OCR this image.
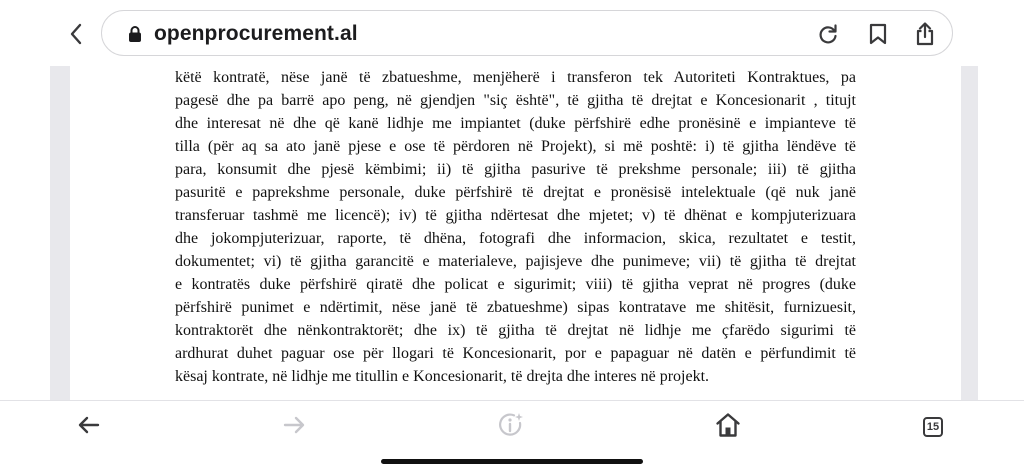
openprocurement.al
këtë kontratë, nëse janë të zbatueshme, menjëherë i transferon tek Autoriteti Kontraktues, pa
pagesë dhe pa barrë apo peng, në gjendjen "siç është", të gjitha të drejtat e Koncesionarit , titujt
dhe interesat në dhe që kanë lidhje me impiantet (duke përfshirë edhe pronësinë e impianteve të
tilla (për aq sa ato janë pjese e ose të përdoren në Projekt), si më poshtë: i) të gjitha lëndëve të
para, konsumit dhe pjesë këmbimi; ii) të gjitha pasurive të prekshme personale; iii) të gjitha
pasuritë e paprekshme personale, duke përfshirë të drejtat e pronësisë intelektuale (që nuk janë
transferuar tashmë me licencë); iv) të gjitha ndërtesat dhe mjetet; v) të dhënat e kompjuterizuara
dhe jokompjuterizuar, raporte, të dhëna, fotografi dhe informacion, skica, rezultatet e testit,
dokumentet; vi) të gjitha garancitë e materialeve, pajisjeve dhe punimeve; vii) të gjitha të drejtat
e kontratës duke përfshirë qiratë dhe policat e sigurimit; viii) të gjitha veprat në progres (duke
përfshirë punimet e ndërtimit, nëse janë të zbatueshme) sipas kontratave me shitësit, furnizuesit,
kontraktorët dhe nënkontraktorët; dhe ix) të gjitha të drejtat në lidhje me çfarëdo sigurimi të
ardhurat duhet paguar ose për llogari të Koncesionarit, por e papaguar në datën e përfundimit të
kësaj kontrate, në lidhje me titullin e Koncesionarit, të drejta dhe interes në projekt.
15
